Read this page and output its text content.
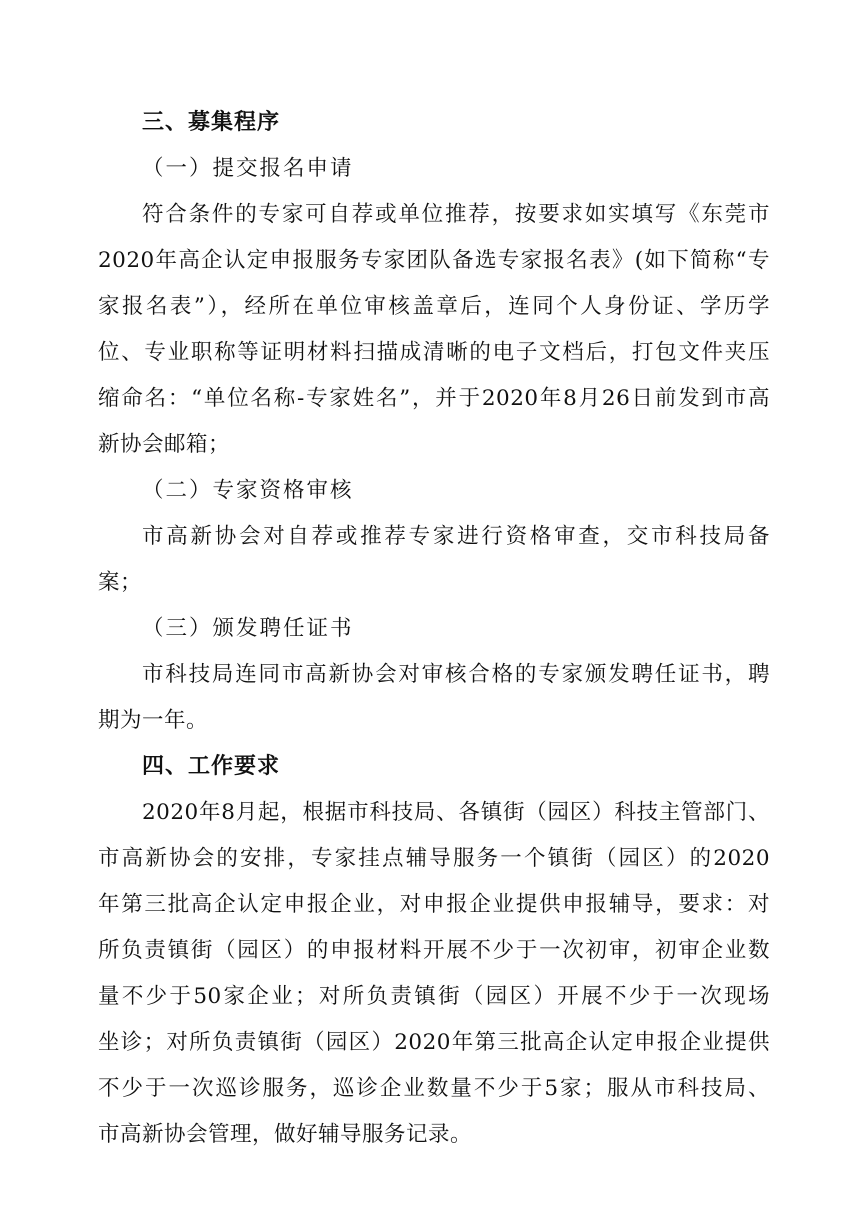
三、募集程序
（一）提交报名申请
符合条件的专家可自荐或单位推荐，按要求如实填写《东莞市
2020年高企认定申报服务专家团队备选专家报名表》(如下简称“专
家报名表”），经所在单位审核盖章后，连同个人身份证、学历学
位、专业职称等证明材料扫描成清晰的电子文档后，打包文件夹压
缩命名：“单位名称-专家姓名”，并于2020年8月26日前发到市高
新协会邮箱；
（二）专家资格审核
市高新协会对自荐或推荐专家进行资格审查，交市科技局备
案；
（三）颁发聘任证书
市科技局连同市高新协会对审核合格的专家颁发聘任证书，聘
期为一年。
四、工作要求
2020年8月起，根据市科技局、各镇街（园区）科技主管部门、
市高新协会的安排，专家挂点辅导服务一个镇街（园区）的2020
年第三批高企认定申报企业，对申报企业提供申报辅导，要求：对
所负责镇街（园区）的申报材料开展不少于一次初审，初审企业数
量不少于50家企业；对所负责镇街（园区）开展不少于一次现场
坐诊；对所负责镇街（园区）2020年第三批高企认定申报企业提供
不少于一次巡诊服务，巡诊企业数量不少于5家；服从市科技局、
市高新协会管理，做好辅导服务记录。
